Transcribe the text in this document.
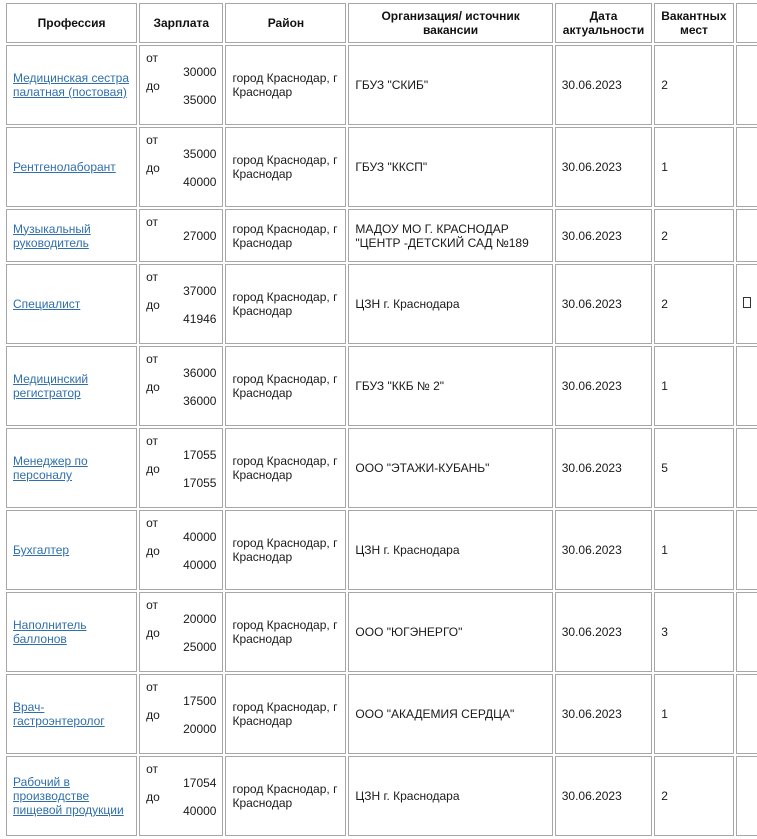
Профессия	Зарплата	Район	Организация/ источник вакансии	Дата актуальности	Вакантных мест	

Медицинская сестра палатная (постовая)	от
30000
до
35000	город Краснодар, г Краснодар	ГБУЗ "СКИБ"	30.06.2023	2	

Рентгенолаборант	от
35000
до
40000	город Краснодар, г Краснодар	ГБУЗ "ККСП"	30.06.2023	1	

Музыкальный руководитель	от
27000	город Краснодар, г Краснодар	МАДОУ МО Г. КРАСНОДАР "ЦЕНТР -ДЕТСКИЙ САД №189	30.06.2023	2	

Специалист	от
37000
до
41946	город Краснодар, г Краснодар	ЦЗН г. Краснодара	30.06.2023	2	

Медицинский регистратор	от
36000
до
36000	город Краснодар, г Краснодар	ГБУЗ "ККБ № 2"	30.06.2023	1	

Менеджер по персоналу	от
17055
до
17055	город Краснодар, г Краснодар	ООО "ЭТАЖИ-КУБАНЬ"	30.06.2023	5	

Бухгалтер	от
40000
до
40000	город Краснодар, г Краснодар	ЦЗН г. Краснодара	30.06.2023	1	

Наполнитель баллонов	от
20000
до
25000	город Краснодар, г Краснодар	ООО "ЮГЭНЕРГО"	30.06.2023	3	

Врач-гастроэнтеролог	от
17500
до
20000	город Краснодар, г Краснодар	ООО "АКАДЕМИЯ СЕРДЦА"	30.06.2023	1	

Рабочий в производстве пищевой продукции	от
17054
до
40000	город Краснодар, г Краснодар	ЦЗН г. Краснодара	30.06.2023	2	
